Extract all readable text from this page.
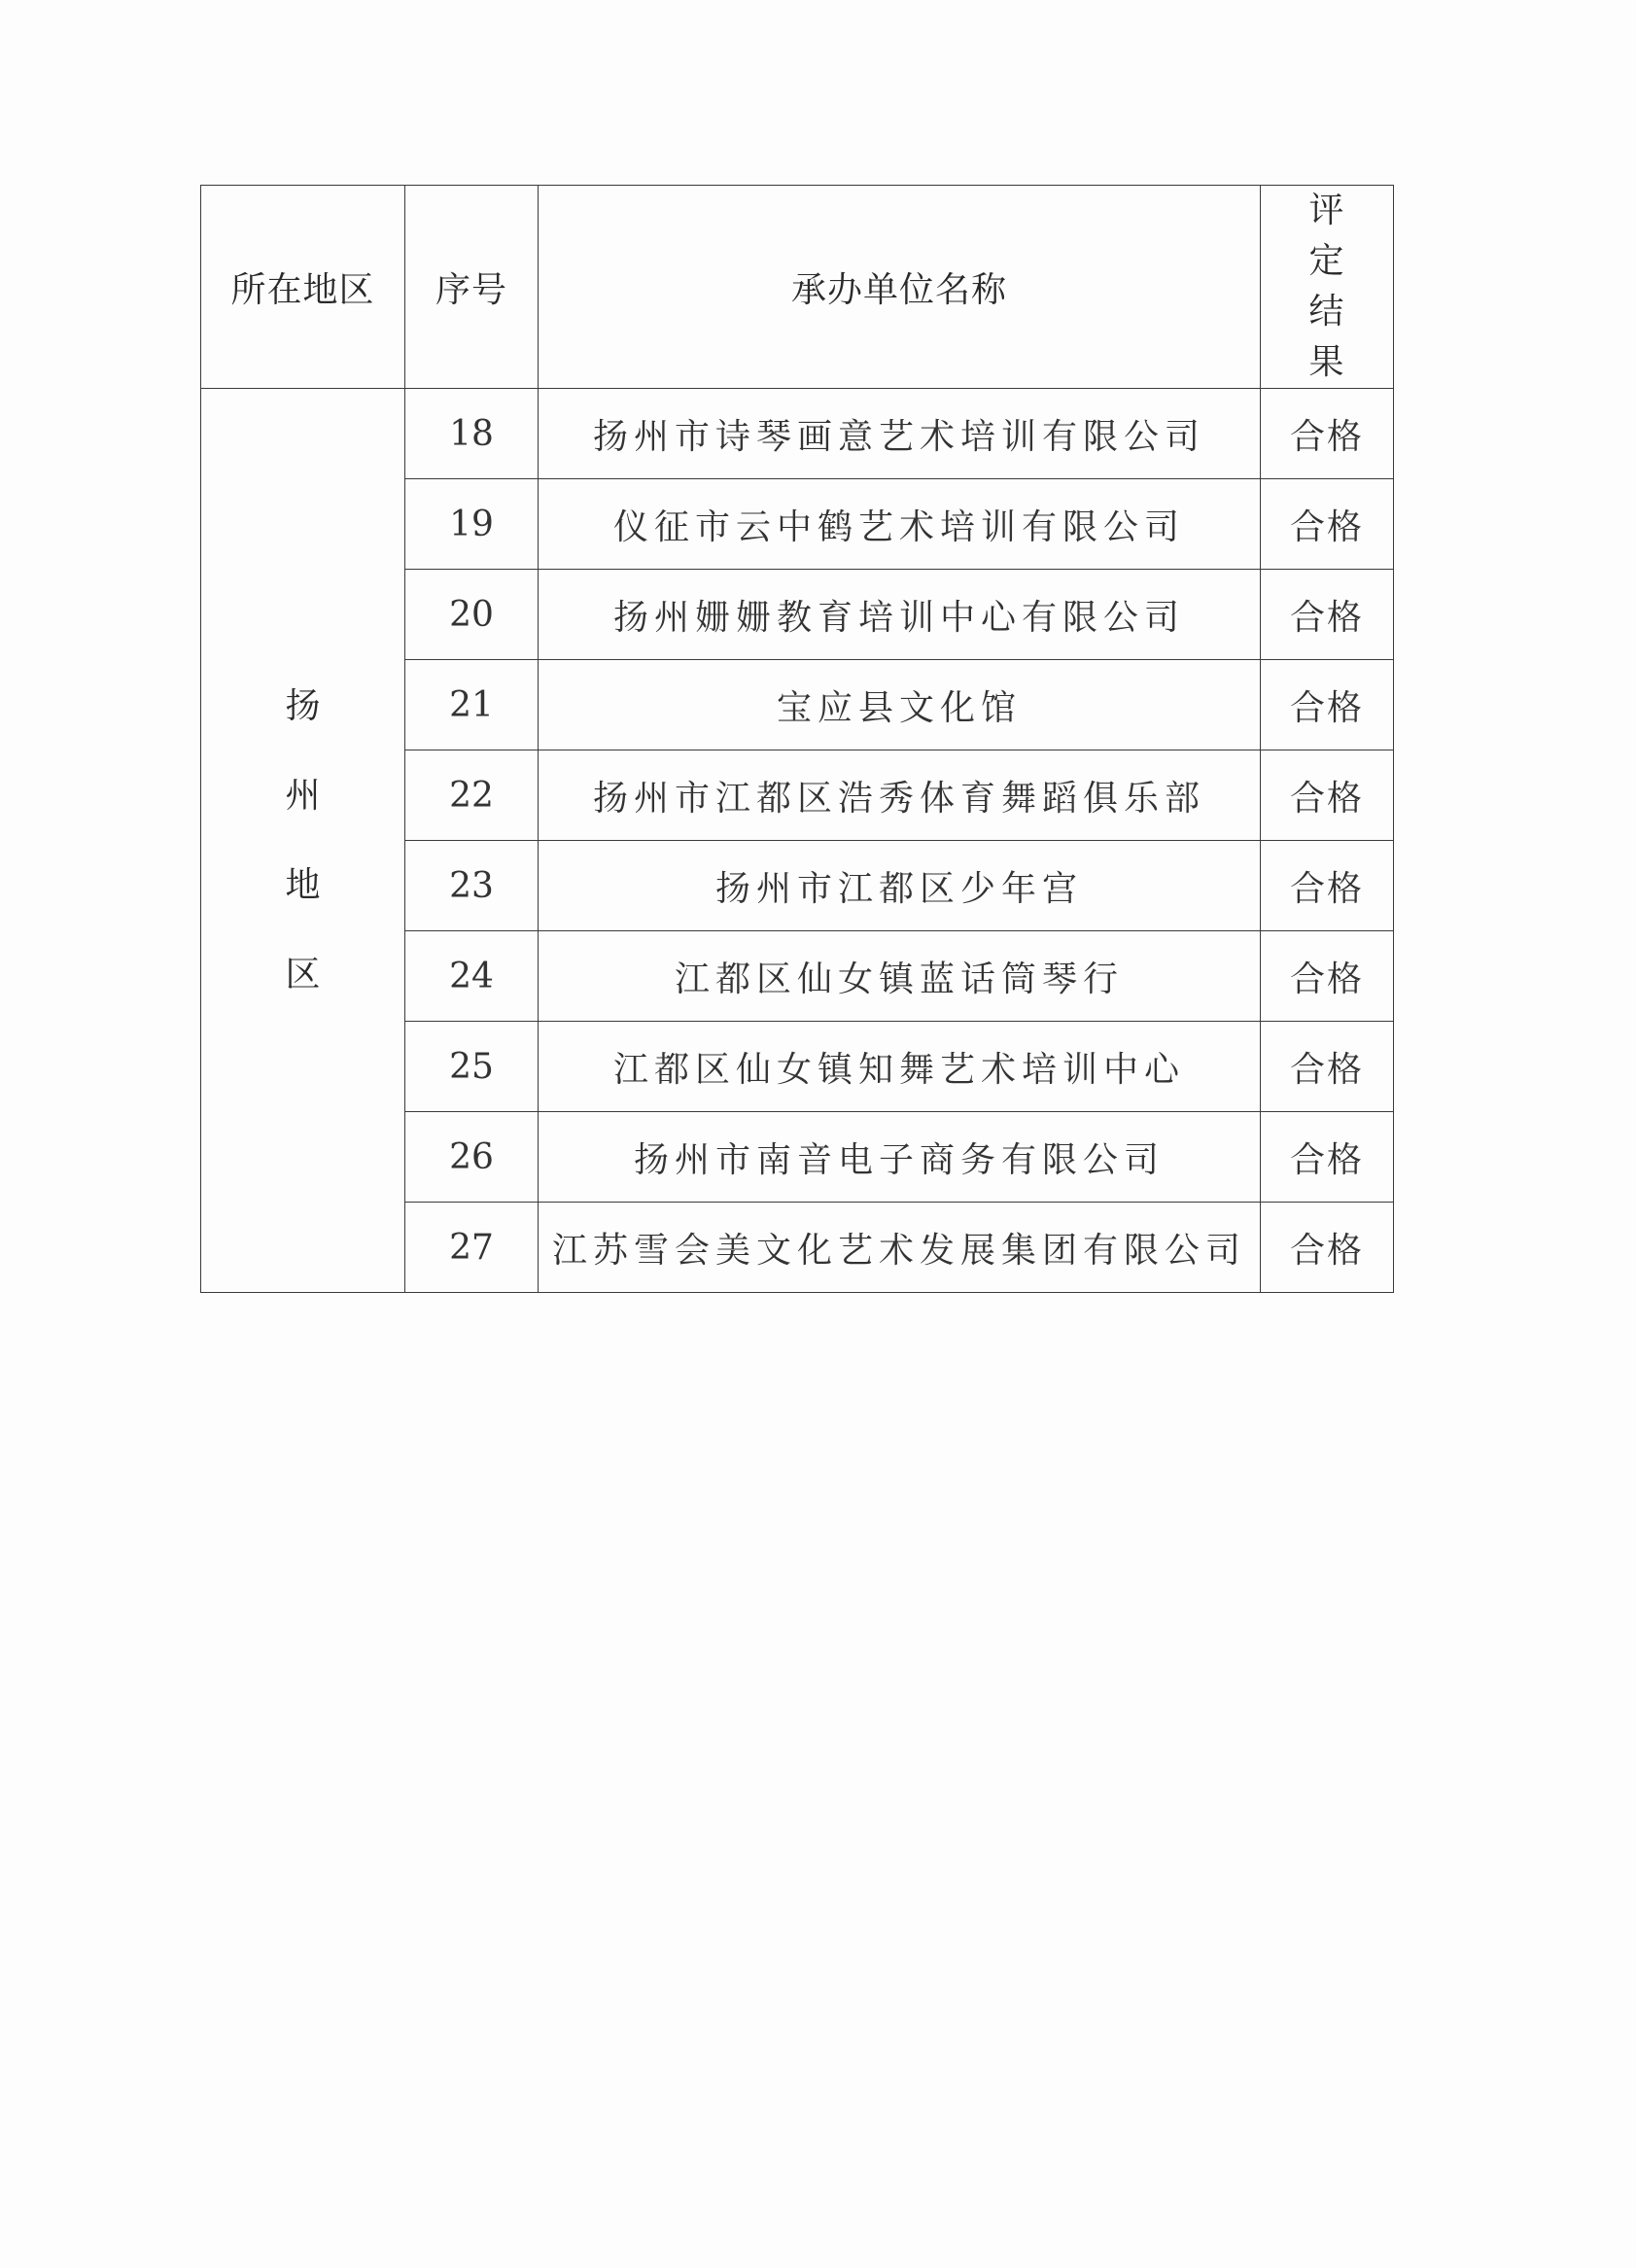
所在地区	序号	承办单位名称	评定结果
扬州地区	18	扬州市诗琴画意艺术培训有限公司	合格
	19	仪征市云中鹤艺术培训有限公司	合格
	20	扬州姗姗教育培训中心有限公司	合格
	21	宝应县文化馆	合格
	22	扬州市江都区浩秀体育舞蹈俱乐部	合格
	23	扬州市江都区少年宫	合格
	24	江都区仙女镇蓝话筒琴行	合格
	25	江都区仙女镇知舞艺术培训中心	合格
	26	扬州市南音电子商务有限公司	合格
	27	江苏雪会美文化艺术发展集团有限公司	合格
